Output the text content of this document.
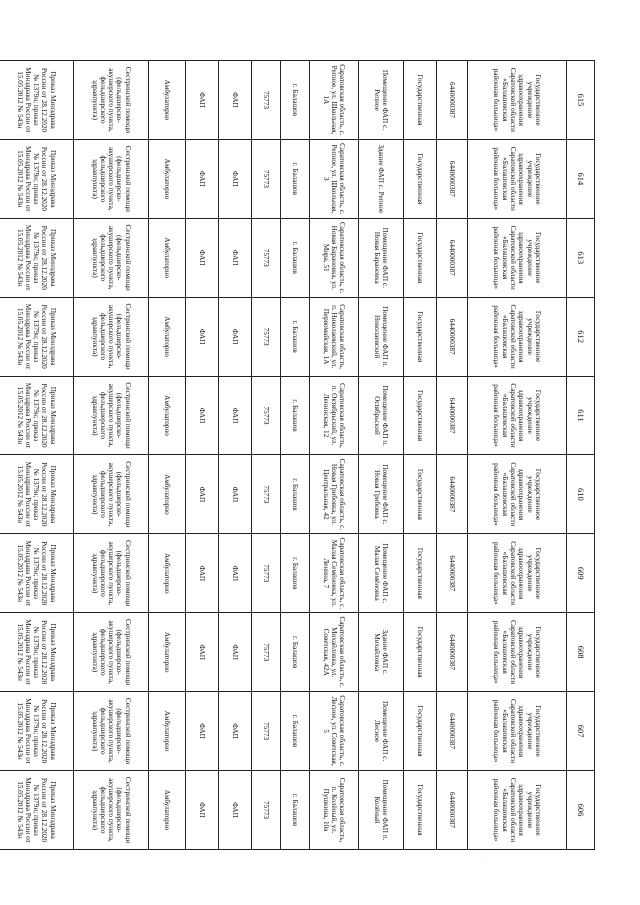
615	614	613	612	611	610	609	608	607	606
Государственное учреждение здравоохранения Саратовской области «Балашовская районная больница»	Государственное учреждение здравоохранения Саратовской области «Балашовская районная больница»	Государственное учреждение здравоохранения Саратовской области «Балашовская районная больница»	Государственное учреждение здравоохранения Саратовской области «Балашовская районная больница»	Государственное учреждение здравоохранения Саратовской области «Балашовская районная больница»	Государственное учреждение здравоохранения Саратовской области «Балашовская районная больница»	Государственное учреждение здравоохранения Саратовской области «Балашовская районная больница»	Государственное учреждение здравоохранения Саратовской области «Балашовская районная больница»	Государственное учреждение здравоохранения Саратовской области «Балашовская районная больница»	Государственное учреждение здравоохранения Саратовской области «Балашовская районная больница»
6440000387	6440000387	6440000387	6440000387	6440000387	6440000387	6440000387	6440000387	6440000387	6440000387
Государственная	Государственная	Государственная	Государственная	Государственная	Государственная	Государственная	Государственная	Государственная	Государственная
Помещение ФАП с. Репное	Здание ФАП с. Репное	Помещение ФАП с. Новая Барановка	Помещение ФАП п. Николаевский	Помещение ФАП п. Octябрьский	Помещение ФАП с. Новая Грибовка	Помещение ФАП с. Малая Семёновка	Здание ФАП с. Михайловка	Помещение ФАП с. Лесное	Помещение ФАП п. Колёный
Саратовская область, с. Репное, ул. Школьная, 1А	Саратовская область, с. Репное, ул. Школьная, 3	Саратовская область, с. Новая Барановка, ул. Мира, 51	Саратовская область, п. Николаевский, ул. Первомайская, 1А	Саратовская область, п. Октябрьский, ул. Ленинская, 12	Саратовская область, с. Новая Грибовка, ул. Центральная, 42	Саратовская область, с. Малая Семёновка, ул. Ленина, 7	Саратовская область, с. Михайловка, ул. Советская, 42А	Саратовская область, с. Лесное, ул. Советская, 5	Саратовская область, п. Колёный, ул. Пушкина, 10а
г. Балашов	г. Балашов	г. Балашов	г. Балашов	г. Балашов	г. Балашов	г. Балашов	г. Балашов	г. Балашов	г. Балашов
75773	75773	75773	75773	75773	75773	75773	75773	75773	75773
ФАП	ФАП	ФАП	ФАП	ФАП	ФАП	ФАП	ФАП	ФАП	ФАП
ФАП	ФАП	ФАП	ФАП	ФАП	ФАП	ФАП	ФАП	ФАП	ФАП
Амбулаторно	Амбулаторно	Амбулаторно	Амбулаторно	Амбулаторно	Амбулаторно	Амбулаторно	Амбулаторно	Амбулаторно	Амбулаторно
Сестринской помощи (фельдшерско-акушерского пункта, фельдшерского здравпункта)	Сестринской помощи (фельдшерско-акушерского пункта, фельдшерского здравпункта)	Сестринской помощи (фельдшерско-акушерского пункта, фельдшерского здравпункта)	Сестринской помощи (фельдшерско-акушерского пункта, фельдшерского здравпункта)	Сестринской помощи (фельдшерско-акушерского пункта, фельдшерского здравпункта)	Сестринской помощи (фельдшерско-акушерского пункта, фельдшерского здравпункта)	Сестринской помощи (фельдшерско-акушерского пункта, фельдшерского здравпункта)	Сестринской помощи (фельдшерско-акушерского пункта, фельдшерского здравпункта)	Сестринской помощи (фельдшерско-акушерского пункта, фельдшерского здравпункта)	Сестринской помощи (фельдшерско-акушерского пункта, фельдшерского здравпункта)
Приказ Минздрава России от 28.12.2020 № 1379н; приказ Минздрава России от 15.05.2012 № 543н	Приказ Минздрава России от 28.12.2020 № 1379н; приказ Минздрава России от 15.05.2012 № 543н	Приказ Минздрава России от 28.12.2020 № 1379н; приказ Минздрава России от 15.05.2012 № 543н	Приказ Минздрава России от 28.12.2020 № 1379н; приказ Минздрава России от 15.05.2012 № 543н	Приказ Минздрава России от 28.12.2020 № 1379н; приказ Минздрава России от 15.05.2012 № 543н	Приказ Минздрава России от 28.12.2020 № 1379н; приказ Минздрава России от 15.05.2012 № 543н	Приказ Минздрава России от 28.12.2020 № 1379н; приказ Минздрава России от 15.05.2012 № 543н	Приказ Минздрава России от 28.12.2020 № 1379н; приказ Минздрава России от 15.05.2012 № 543н	Приказ Минздрава России от 28.12.2020 № 1379н; приказ Минздрава России от 15.05.2012 № 543н	Приказ Минздрава России от 28.12.2020 № 1379н; приказ Минздрава России от 15.05.2012 № 543н

·
